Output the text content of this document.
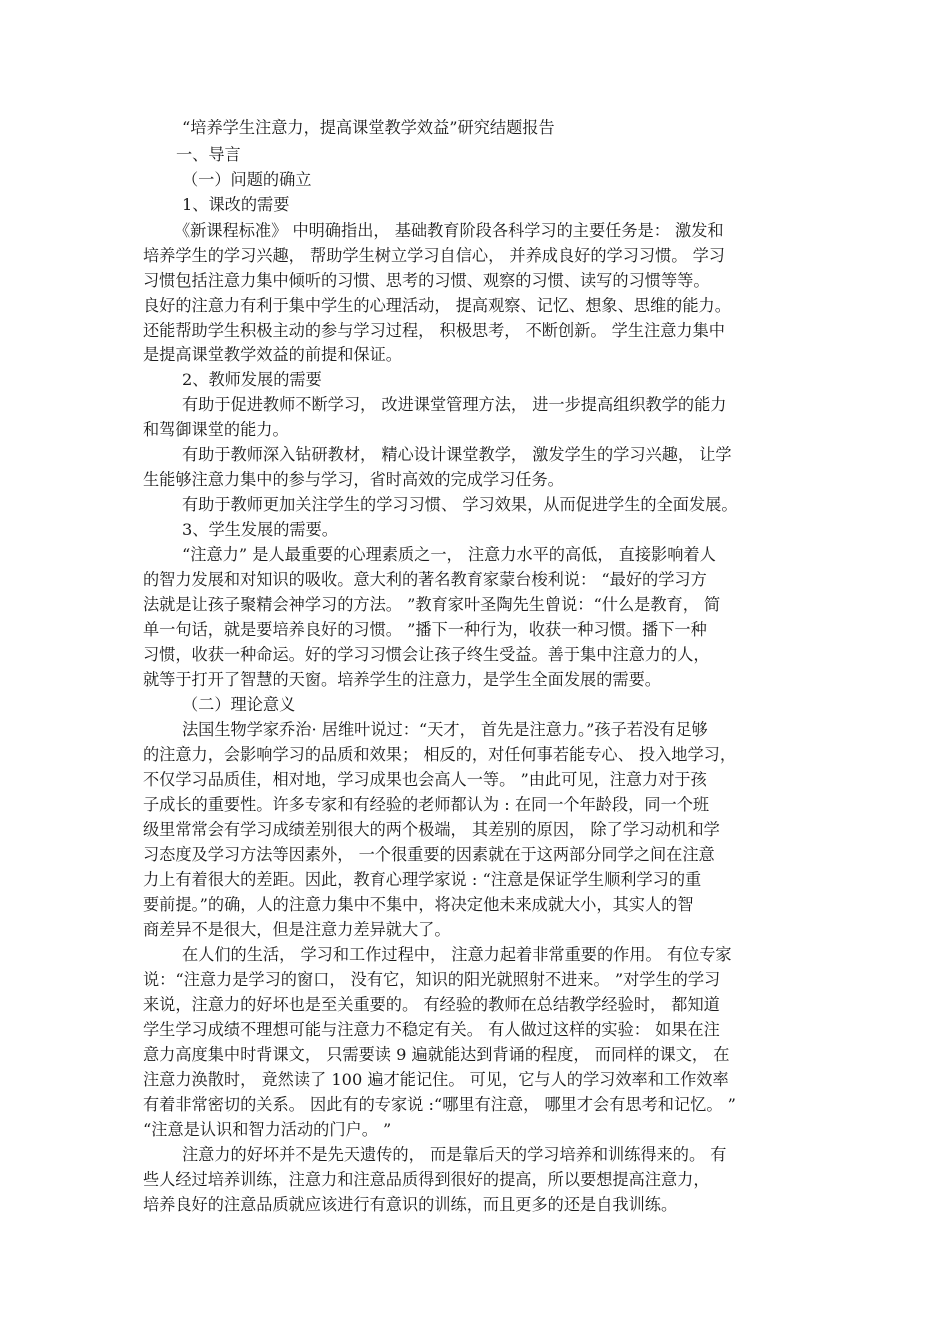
“培养学生注意力，提高课堂教学效益”研究结题报告
一、导言
（一）问题的确立
1、课改的需要
《新课程标准》 中明确指出， 基础教育阶段各科学习的主要任务是： 激发和
培养学生的学习兴趣， 帮助学生树立学习自信心， 并养成良好的学习习惯。 学习
习惯包括注意力集中倾听的习惯、思考的习惯、观察的习惯、读写的习惯等等。
良好的注意力有利于集中学生的心理活动， 提高观察、记忆、想象、思维的能力。
还能帮助学生积极主动的参与学习过程， 积极思考， 不断创新。 学生注意力集中
是提高课堂教学效益的前提和保证。
2、教师发展的需要
有助于促进教师不断学习， 改进课堂管理方法， 进一步提高组织教学的能力
和驾御课堂的能力。
有助于教师深入钻研教材， 精心设计课堂教学， 激发学生的学习兴趣， 让学
生能够注意力集中的参与学习，省时高效的完成学习任务。
有助于教师更加关注学生的学习习惯、 学习效果，从而促进学生的全面发展。
3、学生发展的需要。
“注意力” 是人最重要的心理素质之一， 注意力水平的高低， 直接影响着人
的智力发展和对知识的吸收。意大利的著名教育家蒙台梭利说： “最好的学习方
法就是让孩子聚精会神学习的方法。 ”教育家叶圣陶先生曾说：“什么是教育， 简
单一句话，就是要培养良好的习惯。 ”播下一种行为，收获一种习惯。播下一种
习惯，收获一种命运。好的学习习惯会让孩子终生受益。善于集中注意力的人，
就等于打开了智慧的天窗。培养学生的注意力，是学生全面发展的需要。
（二）理论意义
法国生物学家乔治· 居维叶说过：“天才， 首先是注意力。”孩子若没有足够
的注意力，会影响学习的品质和效果； 相反的，对任何事若能专心、 投入地学习，
不仅学习品质佳，相对地，学习成果也会高人一等。 ”由此可见，注意力对于孩
子成长的重要性。许多专家和有经验的老师都认为 : 在同一个年龄段，同一个班
级里常常会有学习成绩差别很大的两个极端， 其差别的原因， 除了学习动机和学
习态度及学习方法等因素外， 一个很重要的因素就在于这两部分同学之间在注意
力上有着很大的差距。因此，教育心理学家说 : “注意是保证学生顺利学习的重
要前提。”的确，人的注意力集中不集中，将决定他未来成就大小，其实人的智
商差异不是很大，但是注意力差异就大了。
在人们的生活， 学习和工作过程中， 注意力起着非常重要的作用。 有位专家
说：“注意力是学习的窗口， 没有它，知识的阳光就照射不进来。 ”对学生的学习
来说，注意力的好坏也是至关重要的。 有经验的教师在总结教学经验时， 都知道
学生学习成绩不理想可能与注意力不稳定有关。 有人做过这样的实验： 如果在注
意力高度集中时背课文， 只需要读 9 遍就能达到背诵的程度， 而同样的课文， 在
注意力涣散时， 竟然读了 100 遍才能记住。 可见，它与人的学习效率和工作效率
有着非常密切的关系。 因此有的专家说 :“哪里有注意， 哪里才会有思考和记忆。 ”
“注意是认识和智力活动的门户。 ”
注意力的好坏并不是先天遗传的， 而是靠后天的学习培养和训练得来的。 有
些人经过培养训练，注意力和注意品质得到很好的提高，所以要想提高注意力，
培养良好的注意品质就应该进行有意识的训练，而且更多的还是自我训练。
